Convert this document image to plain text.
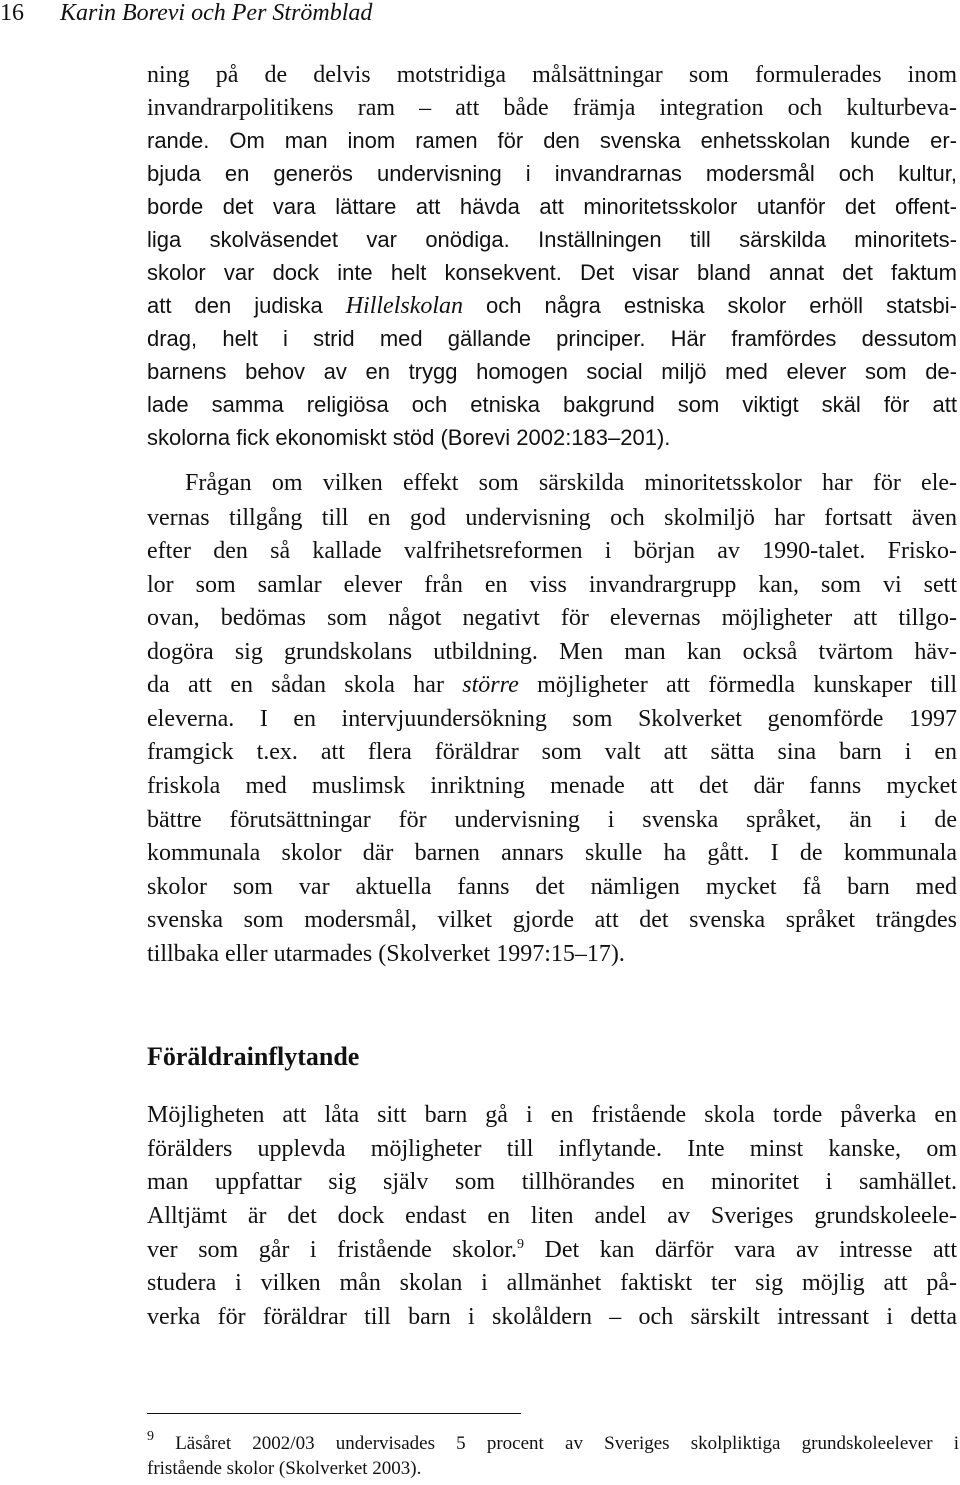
16 Karin Borevi och Per Strömblad
ning på de delvis motstridiga målsättningar som formulerades inom
invandrarpolitikens ram – att både främja integration och kulturbeva-
rande. Om man inom ramen för den svenska enhetsskolan kunde er-
bjuda en generös undervisning i invandrarnas modersmål och kultur,
borde det vara lättare att hävda att minoritetsskolor utanför det offent-
liga skolväsendet var onödiga. Inställningen till särskilda minoritets-
skolor var dock inte helt konsekvent. Det visar bland annat det faktum
att den judiska Hillelskolan och några estniska skolor erhöll statsbi-
drag, helt i strid med gällande principer. Här framfördes dessutom
barnens behov av en trygg homogen social miljö med elever som de-
lade samma religiösa och etniska bakgrund som viktigt skäl för att
skolorna fick ekonomiskt stöd (Borevi 2002:183–201).
Frågan om vilken effekt som särskilda minoritetsskolor har för ele-
vernas tillgång till en god undervisning och skolmiljö har fortsatt även
efter den så kallade valfrihetsreformen i början av 1990-talet. Frisko-
lor som samlar elever från en viss invandrargrupp kan, som vi sett
ovan, bedömas som något negativt för elevernas möjligheter att tillgo-
dogöra sig grundskolans utbildning. Men man kan också tvärtom häv-
da att en sådan skola har större möjligheter att förmedla kunskaper till
eleverna. I en intervjuundersökning som Skolverket genomförde 1997
framgick t.ex. att flera föräldrar som valt att sätta sina barn i en
friskola med muslimsk inriktning menade att det där fanns mycket
bättre förutsättningar för undervisning i svenska språket, än i de
kommunala skolor där barnen annars skulle ha gått. I de kommunala
skolor som var aktuella fanns det nämligen mycket få barn med
svenska som modersmål, vilket gjorde att det svenska språket trängdes
tillbaka eller utarmades (Skolverket 1997:15–17).
Föräldrainflytande
Möjligheten att låta sitt barn gå i en fristående skola torde påverka en
förälders upplevda möjligheter till inflytande. Inte minst kanske, om
man uppfattar sig själv som tillhörandes en minoritet i samhället.
Alltjämt är det dock endast en liten andel av Sveriges grundskoleele-
ver som går i fristående skolor.$^9$ Det kan därför vara av intresse att
studera i vilken mån skolan i allmänhet faktiskt ter sig möjlig att på-
verka för föräldrar till barn i skolåldern – och särskilt intressant i detta
$^9$ Läsåret 2002/03 undervisades 5 procent av Sveriges skolpliktiga grundskoleelever i
fristående skolor (Skolverket 2003).
